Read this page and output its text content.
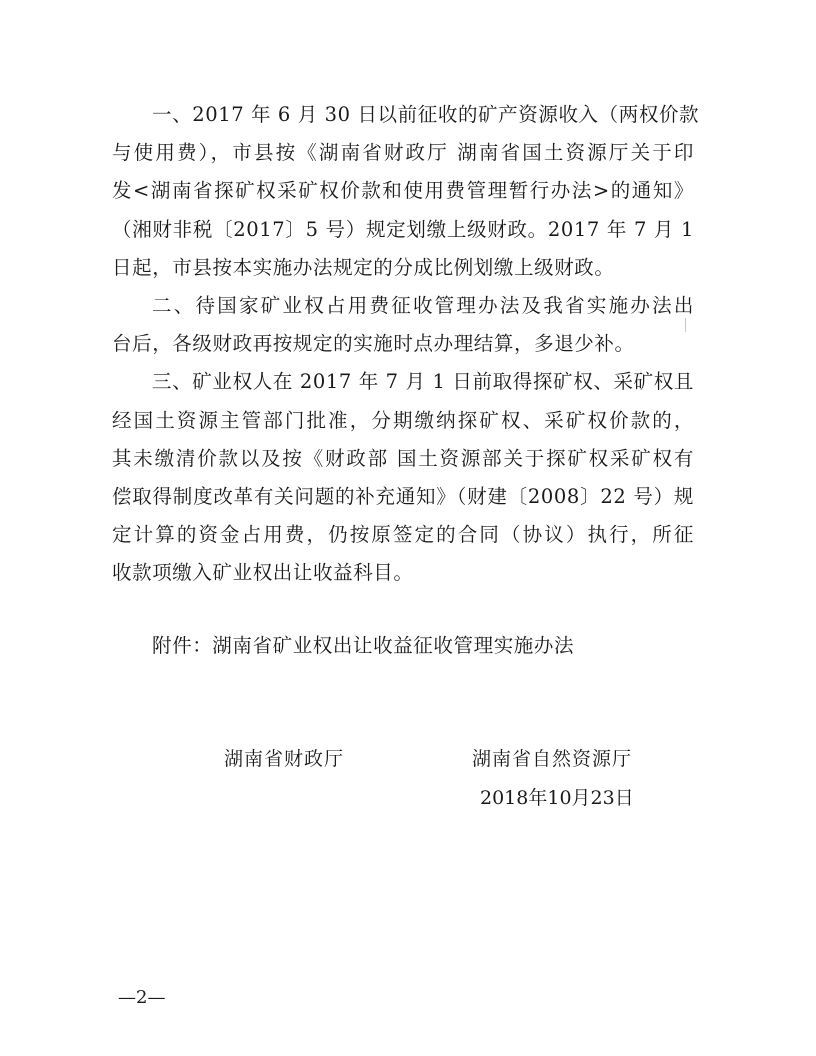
一、2017 年 6 月 30 日以前征收的矿产资源收入（两权价款
与使用费），市县按《湖南省财政厅 湖南省国土资源厅关于印
发<湖南省探矿权采矿权价款和使用费管理暂行办法>的通知》
（湘财非税〔2017〕5 号）规定划缴上级财政。2017 年 7 月 1
日起，市县按本实施办法规定的分成比例划缴上级财政。
二、待国家矿业权占用费征收管理办法及我省实施办法出
台后，各级财政再按规定的实施时点办理结算，多退少补。
三、矿业权人在 2017 年 7 月 1 日前取得探矿权、采矿权且
经国土资源主管部门批准，分期缴纳探矿权、采矿权价款的，
其未缴清价款以及按《财政部 国土资源部关于探矿权采矿权有
偿取得制度改革有关问题的补充通知》（财建〔2008〕22 号）规
定计算的资金占用费，仍按原签定的合同（协议）执行，所征
收款项缴入矿业权出让收益科目。
附件：湖南省矿业权出让收益征收管理实施办法
湖南省财政厅	湖南省自然资源厅
2018年10月23日
—2—
